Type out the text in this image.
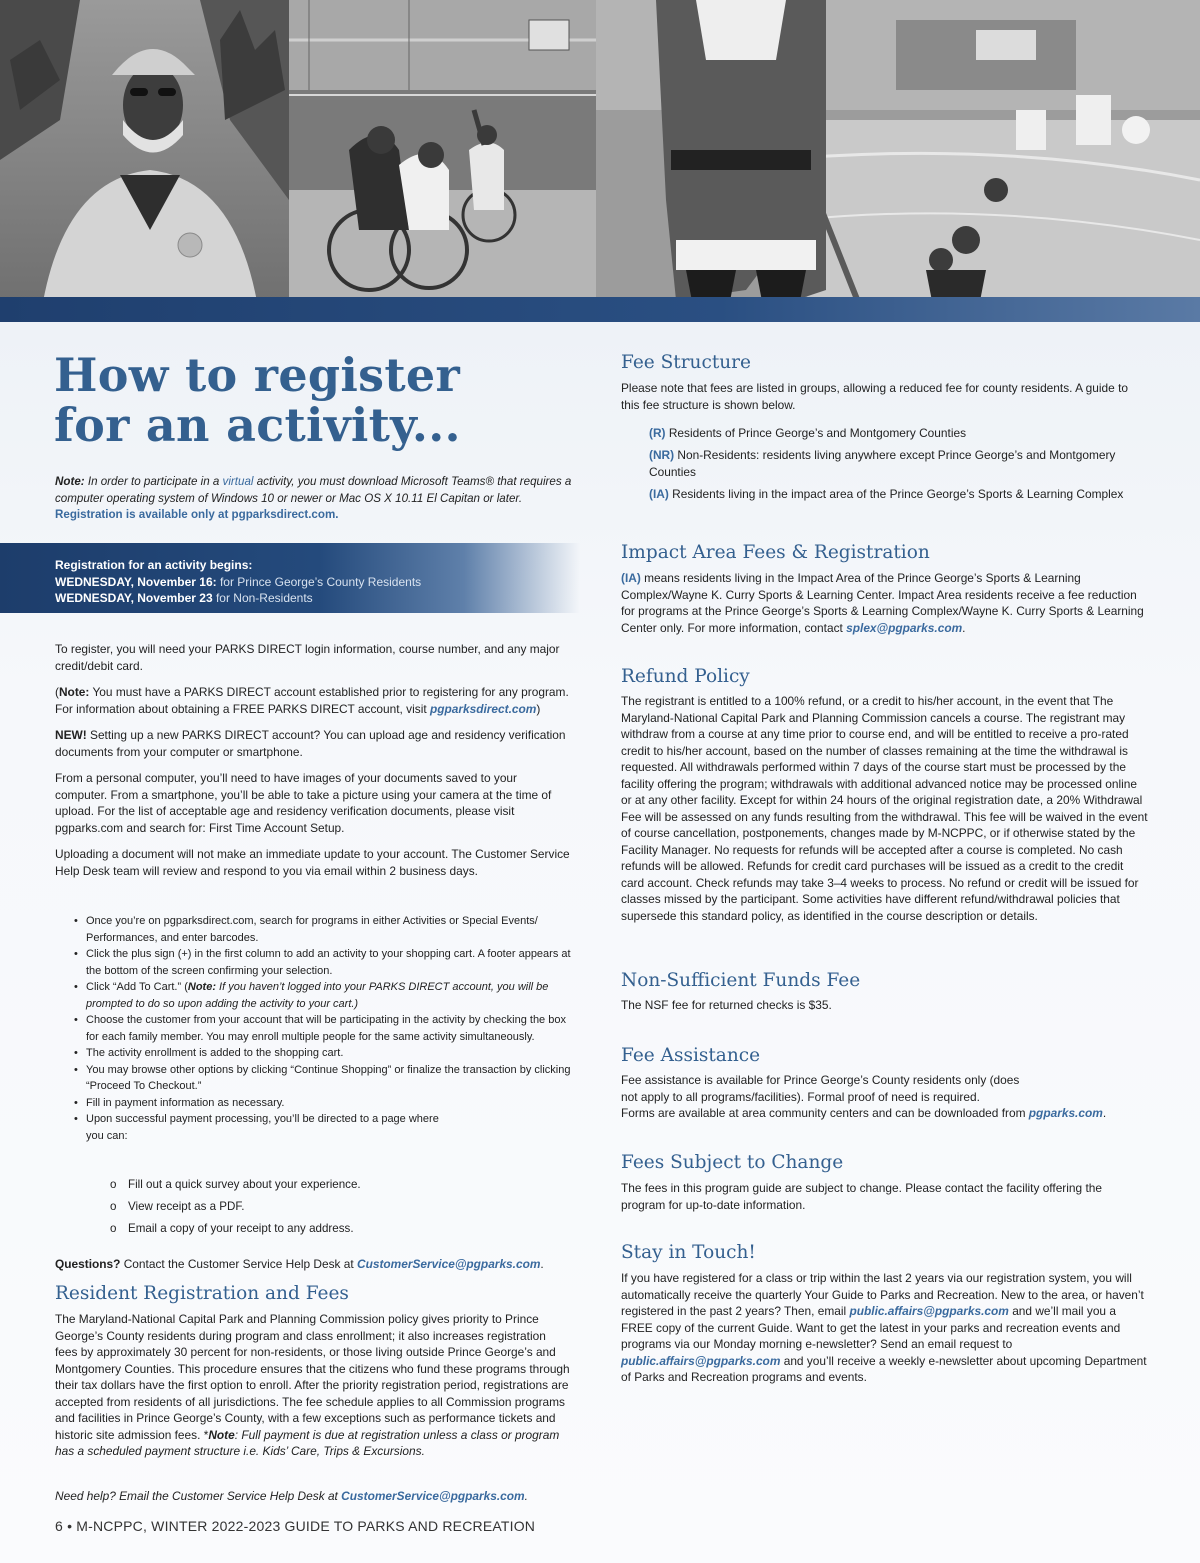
How to register
for an activity...
Note: In order to participate in a virtual activity, you must download Microsoft Teams® that requires a computer operating system of Windows 10 or newer or Mac OS X 10.11 El Capitan or later. Registration is available only at pgparksdirect.com.
Registration for an activity begins:
WEDNESDAY, November 16: for Prince George’s County Residents
WEDNESDAY, November 23 for Non-Residents

To register, you will need your PARKS DIRECT login information, course number, and any major credit/debit card.

(Note: You must have a PARKS DIRECT account established prior to registering for any program. For information about obtaining a FREE PARKS DIRECT account, visit pgparksdirect.com)

NEW! Setting up a new PARKS DIRECT account? You can upload age and residency verification documents from your computer or smartphone.

From a personal computer, you’ll need to have images of your documents saved to your computer. From a smartphone, you’ll be able to take a picture using your camera at the time of upload. For the list of acceptable age and residency verification documents, please visit pgparks.com and search for: First Time Account Setup.

Uploading a document will not make an immediate update to your account. The Customer Service Help Desk team will review and respond to you via email within 2 business days.

• Once you’re on pgparksdirect.com, search for programs in either Activities or Special Events/ Performances, and enter barcodes.
• Click the plus sign (+) in the first column to add an activity to your shopping cart. A footer appears at the bottom of the screen confirming your selection.
• Click “Add To Cart.” (Note: If you haven’t logged into your PARKS DIRECT account, you will be prompted to do so upon adding the activity to your cart.)
• Choose the customer from your account that will be participating in the activity by checking the box for each family member. You may enroll multiple people for the same activity simultaneously.
• The activity enrollment is added to the shopping cart.
• You may browse other options by clicking “Continue Shopping” or finalize the transaction by clicking “Proceed To Checkout.”
• Fill in payment information as necessary.
• Upon successful payment processing, you’ll be directed to a page where you can:
o Fill out a quick survey about your experience.
o View receipt as a PDF.
o Email a copy of your receipt to any address.
Questions? Contact the Customer Service Help Desk at CustomerService@pgparks.com.
Resident Registration and Fees
The Maryland-National Capital Park and Planning Commission policy gives priority to Prince George’s County residents during program and class enrollment; it also increases registration fees by approximately 30 percent for non-residents, or those living outside Prince George’s and Montgomery Counties. This procedure ensures that the citizens who fund these programs through their tax dollars have the first option to enroll. After the priority registration period, registrations are accepted from residents of all jurisdictions. The fee schedule applies to all Commission programs and facilities in Prince George’s County, with a few exceptions such as performance tickets and historic site admission fees. *Note: Full payment is due at registration unless a class or program has a scheduled payment structure i.e. Kids’ Care, Trips & Excursions.
Need help? Email the Customer Service Help Desk at CustomerService@pgparks.com.
Fee Structure
Please note that fees are listed in groups, allowing a reduced fee for county residents. A guide to this fee structure is shown below.
(R) Residents of Prince George’s and Montgomery Counties
(NR) Non-Residents: residents living anywhere except Prince George’s and Montgomery Counties
(IA) Residents living in the impact area of the Prince George’s Sports & Learning Complex
Impact Area Fees & Registration
(IA) means residents living in the Impact Area of the Prince George’s Sports & Learning Complex/Wayne K. Curry Sports & Learning Center. Impact Area residents receive a fee reduction for programs at the Prince George’s Sports & Learning Complex/Wayne K. Curry Sports & Learning Center only. For more information, contact splex@pgparks.com.
Refund Policy
The registrant is entitled to a 100% refund, or a credit to his/her account, in the event that The Maryland-National Capital Park and Planning Commission cancels a course. The registrant may withdraw from a course at any time prior to course end, and will be entitled to receive a pro-rated credit to his/her account, based on the number of classes remaining at the time the withdrawal is requested. All withdrawals performed within 7 days of the course start must be processed by the facility offering the program; withdrawals with additional advanced notice may be processed online or at any other facility. Except for within 24 hours of the original registration date, a 20% Withdrawal Fee will be assessed on any funds resulting from the withdrawal. This fee will be waived in the event of course cancellation, postponements, changes made by M-NCPPC, or if otherwise stated by the Facility Manager. No requests for refunds will be accepted after a course is completed. No cash refunds will be allowed. Refunds for credit card purchases will be issued as a credit to the credit card account. Check refunds may take 3–4 weeks to process. No refund or credit will be issued for classes missed by the participant. Some activities have different refund/withdrawal policies that supersede this standard policy, as identified in the course description or details.
Non-Sufficient Funds Fee
The NSF fee for returned checks is $35.
Fee Assistance
Fee assistance is available for Prince George’s County residents only (does
not apply to all programs/facilities). Formal proof of need is required.
Forms are available at area community centers and can be downloaded from pgparks.com.
Fees Subject to Change
The fees in this program guide are subject to change. Please contact the facility offering the program for up-to-date information.
Stay in Touch!
If you have registered for a class or trip within the last 2 years via our registration system, you will automatically receive the quarterly Your Guide to Parks and Recreation. New to the area, or haven’t registered in the past 2 years? Then, email public.affairs@pgparks.com and we’ll mail you a FREE copy of the current Guide. Want to get the latest in your parks and recreation events and programs via our Monday morning e-newsletter? Send an email request to public.affairs@pgparks.com and you’ll receive a weekly e-newsletter about upcoming Department of Parks and Recreation programs and events.
6 • M-NCPPC, WINTER 2022-2023 GUIDE TO PARKS AND RECREATION
